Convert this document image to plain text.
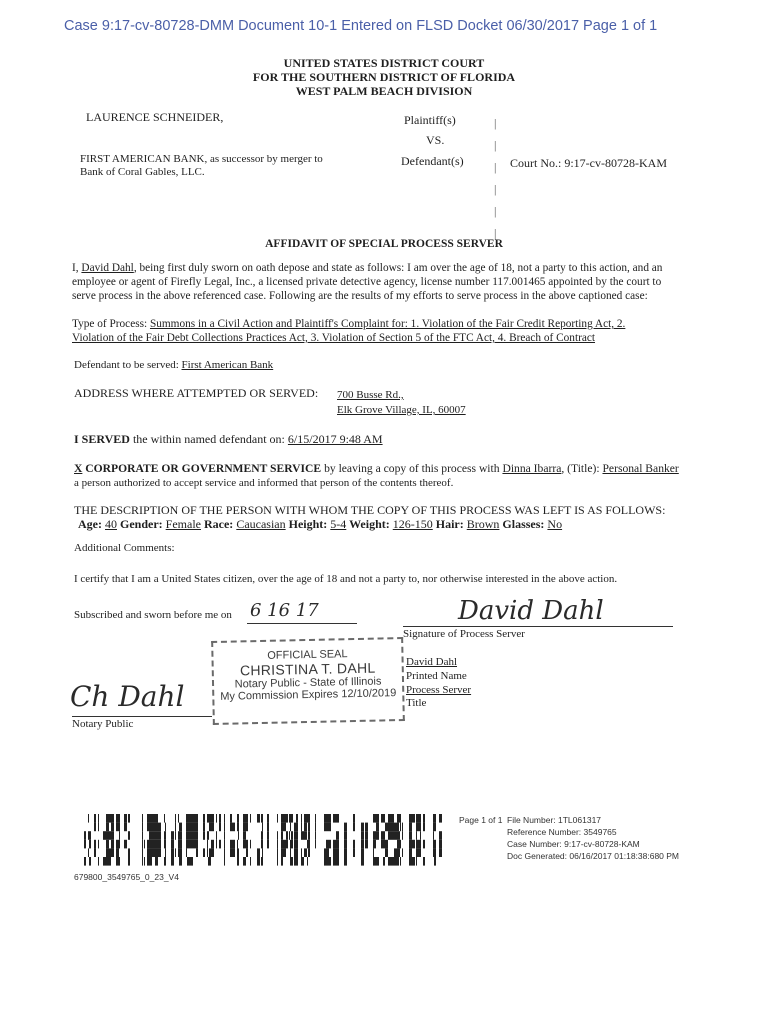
Case 9:17-cv-80728-DMM Document 10-1 Entered on FLSD Docket 06/30/2017 Page 1 of 1
UNITED STATES DISTRICT COURT
FOR THE SOUTHERN DISTRICT OF FLORIDA
WEST PALM BEACH DIVISION
LAURENCE SCHNEIDER,	Plaintiff(s)
VS.
FIRST AMERICAN BANK, as successor by merger to
Bank of Coral Gables, LLC.
Defendant(s)	Court No.: 9:17-cv-80728-KAM
|
|
|
|
|
|
AFFIDAVIT OF SPECIAL PROCESS SERVER
I, David Dahl, being first duly sworn on oath depose and state as follows: I am over the age of 18, not a party to this action, and an
employee or agent of Firefly Legal, Inc., a licensed private detective agency, license number 117.001465 appointed by the court to
serve process in the above referenced case. Following are the results of my efforts to serve process in the above captioned case:
Type of Process: Summons in a Civil Action and Plaintiff's Complaint for: 1. Violation of the Fair Credit Reporting Act, 2.
Violation of the Fair Debt Collections Practices Act, 3. Violation of Section 5 of the FTC Act, 4. Breach of Contract
Defendant to be served: First American Bank
ADDRESS WHERE ATTEMPTED OR SERVED: 700 Busse Rd.,
Elk Grove Village, IL, 60007
I SERVED the within named defendant on: 6/15/2017 9:48 AM
X CORPORATE OR GOVERNMENT SERVICE by leaving a copy of this process with Dinna Ibarra, (Title): Personal Banker
a person authorized to accept service and informed that person of the contents thereof.
THE DESCRIPTION OF THE PERSON WITH WHOM THE COPY OF THIS PROCESS WAS LEFT IS AS FOLLOWS:
Age: 40 Gender: Female Race: Caucasian Height: 5-4 Weight: 126-150 Hair: Brown Glasses: No
Additional Comments:
I certify that I am a United States citizen, over the age of 18 and not a party to, nor otherwise interested in the above action.
Subscribed and sworn before me on 6 16 17	David Dahl
Signature of Process Server
OFFICIAL SEAL
CHRISTINA T. DAHL
Notary Public - State of Illinois
My Commission Expires 12/10/2019
David Dahl
Printed Name
Process Server
Title
Ch Dahl
Notary Public
679800_3549765_0_23_V4
Page 1 of 1 File Number: 1TL061317
Reference Number: 3549765
Case Number: 9:17-cv-80728-KAM
Doc Generated: 06/16/2017 01:18:38:680 PM
